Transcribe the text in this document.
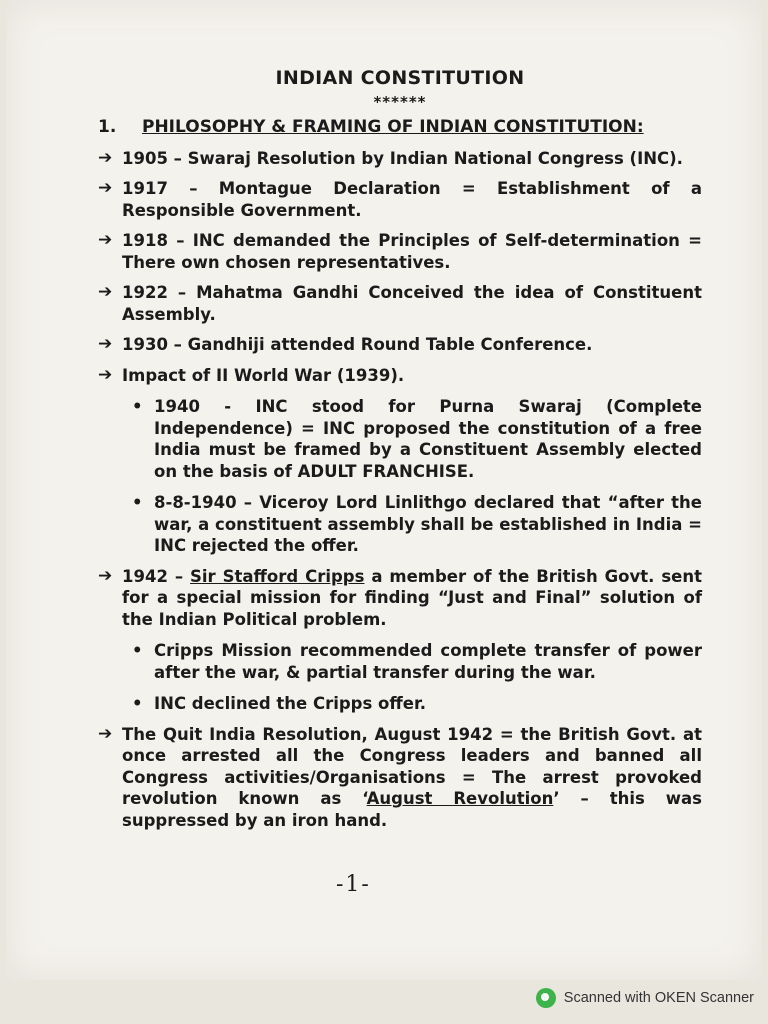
INDIAN CONSTITUTION
******
1.	PHILOSOPHY & FRAMING OF INDIAN CONSTITUTION:
➔ 1905 – Swaraj Resolution by Indian National Congress (INC).
➔ 1917 – Montague Declaration = Establishment of a Responsible Government.
➔ 1918 – INC demanded the Principles of Self-determination = There own chosen representatives.
➔ 1922 – Mahatma Gandhi Conceived the idea of Constituent Assembly.
➔ 1930 – Gandhiji attended Round Table Conference.
➔ Impact of II World War (1939).
• 1940 - INC stood for Purna Swaraj (Complete Independence) = INC proposed the constitution of a free India must be framed by a Constituent Assembly elected on the basis of ADULT FRANCHISE.
• 8-8-1940 – Viceroy Lord Linlithgo declared that “after the war, a constituent assembly shall be established in India = INC rejected the offer.
➔ 1942 – Sir Stafford Cripps a member of the British Govt. sent for a special mission for finding “Just and Final” solution of the Indian Political problem.
• Cripps Mission recommended complete transfer of power after the war, & partial transfer during the war.
• INC declined the Cripps offer.
➔ The Quit India Resolution, August 1942 = the British Govt. at once arrested all the Congress leaders and banned all Congress activities/Organisations = The arrest provoked revolution known as ‘August Revolution’ – this was suppressed by an iron hand.
-1-
Scanned with OKEN Scanner
